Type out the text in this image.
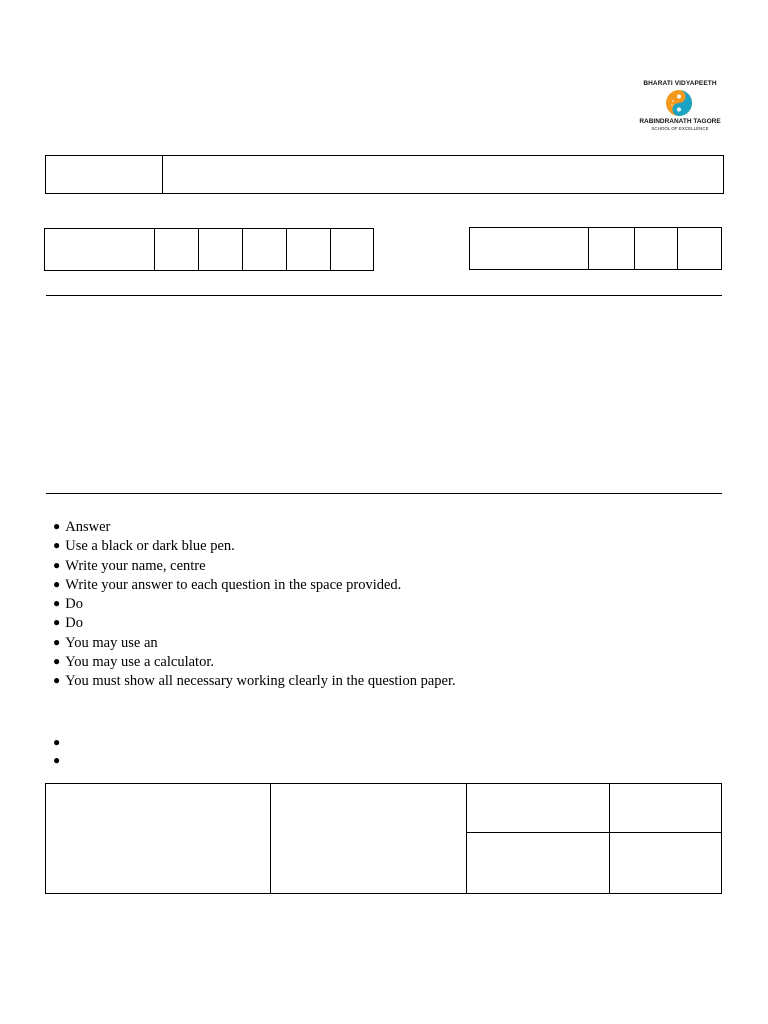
BHARATI VIDYAPEETH
RABINDRANATH TAGORE
SCHOOL OF EXCELLENCE
● Answer
● Use a black or dark blue pen.
● Write your name, centre
● Write your answer to each question in the space provided.
● Do
● Do
● You may use an
● You may use a calculator.
● You must show all necessary working clearly in the question paper.
●
●
